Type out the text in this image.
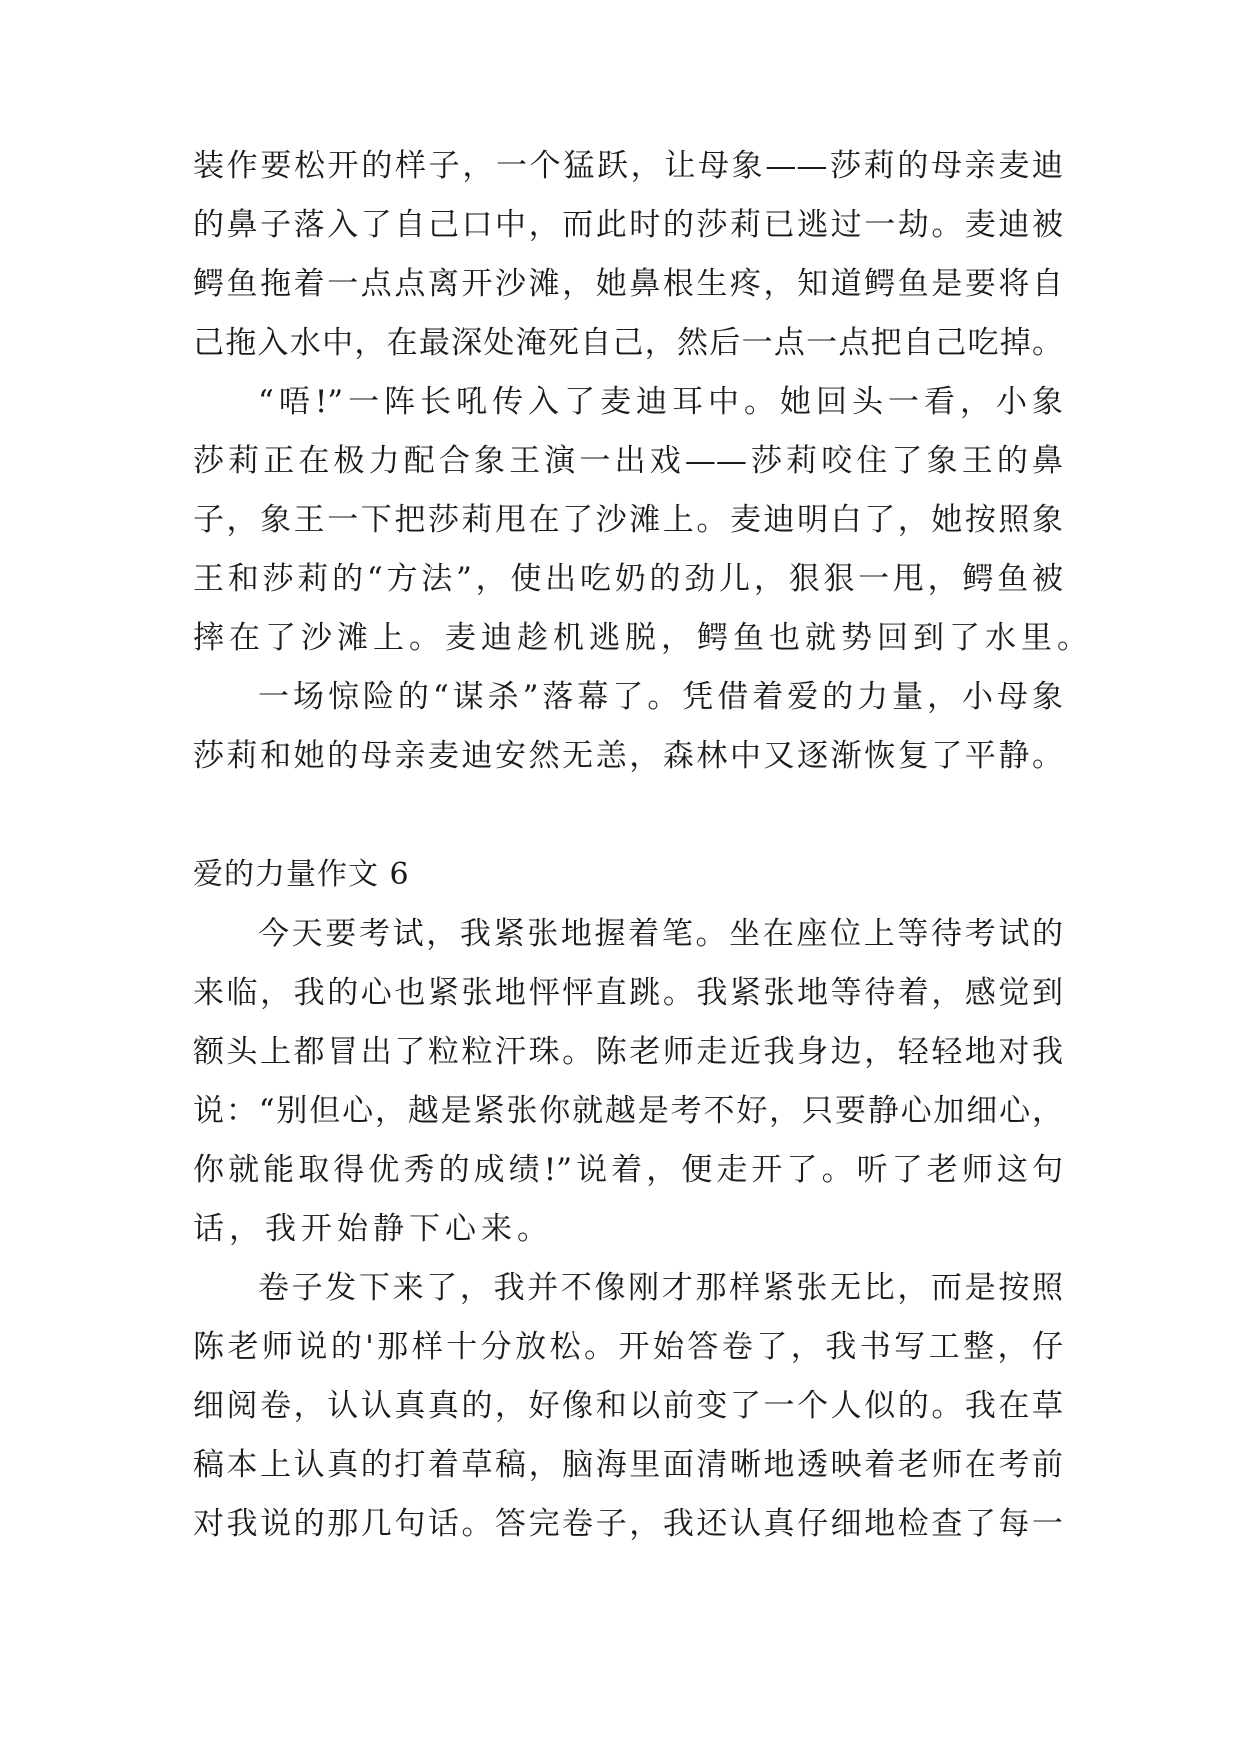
装作要松开的样子，一个猛跃，让母象——莎莉的母亲麦迪
的鼻子落入了自己口中，而此时的莎莉已逃过一劫。麦迪被
鳄鱼拖着一点点离开沙滩，她鼻根生疼，知道鳄鱼是要将自
己拖入水中，在最深处淹死自己，然后一点一点把自己吃掉。
“唔!”一阵长吼传入了麦迪耳中。她回头一看，小象
莎莉正在极力配合象王演一出戏——莎莉咬住了象王的鼻
子，象王一下把莎莉甩在了沙滩上。麦迪明白了，她按照象
王和莎莉的“方法”，使出吃奶的劲儿，狠狠一甩，鳄鱼被
摔在了沙滩上。麦迪趁机逃脱，鳄鱼也就势回到了水里。
一场惊险的“谋杀”落幕了。凭借着爱的力量，小母象
莎莉和她的母亲麦迪安然无恙，森林中又逐渐恢复了平静。
爱的力量作文 6
今天要考试，我紧张地握着笔。坐在座位上等待考试的
来临，我的心也紧张地怦怦直跳。我紧张地等待着，感觉到
额头上都冒出了粒粒汗珠。陈老师走近我身边，轻轻地对我
说：“别但心，越是紧张你就越是考不好，只要静心加细心，
你就能取得优秀的成绩!”说着，便走开了。听了老师这句
话，我开始静下心来。
卷子发下来了，我并不像刚才那样紧张无比，而是按照
陈老师说的'那样十分放松。开始答卷了，我书写工整，仔
细阅卷，认认真真的，好像和以前变了一个人似的。我在草
稿本上认真的打着草稿，脑海里面清晰地透映着老师在考前
对我说的那几句话。答完卷子，我还认真仔细地检查了每一
